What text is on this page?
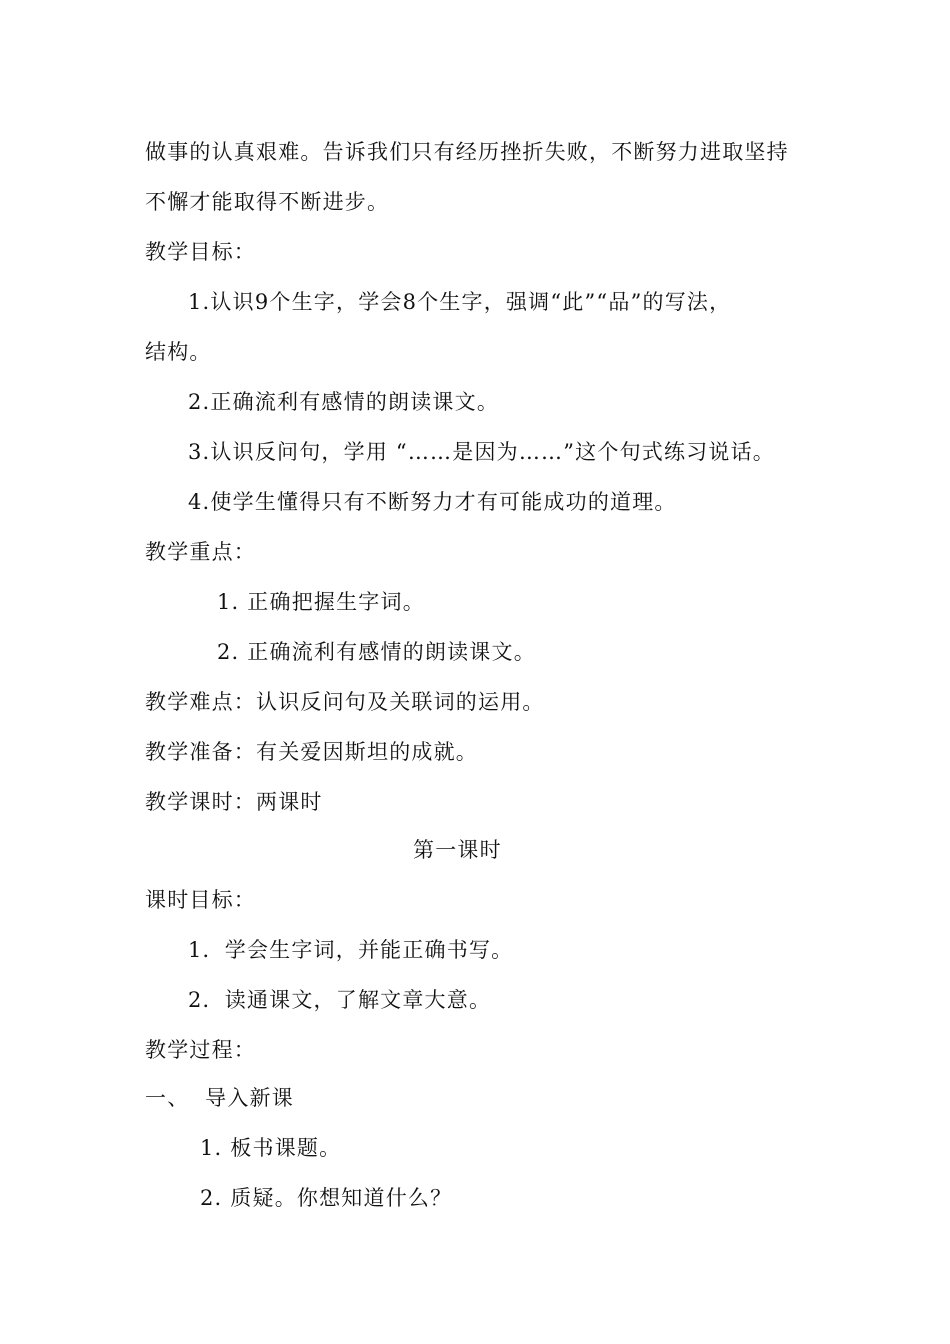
做事的认真艰难。告诉我们只有经历挫折失败，不断努力进取坚持
不懈才能取得不断进步。
教学目标：
1.认识9个生字，学会8个生字，强调“此”“品”的写法，
结构。
2.正确流利有感情的朗读课文。
3.认识反问句，学用 “……是因为……”这个句式练习说话。
4.使学生懂得只有不断努力才有可能成功的道理。
教学重点：
1. 正确把握生字词。
2. 正确流利有感情的朗读课文。
教学难点：认识反问句及关联词的运用。
教学准备：有关爱因斯坦的成就。
教学课时：两课时
第一课时
课时目标：
1．学会生字词，并能正确书写。
2．读通课文，了解文章大意。
教学过程：
一、  导入新课
1. 板书课题。
2. 质疑。你想知道什么？
